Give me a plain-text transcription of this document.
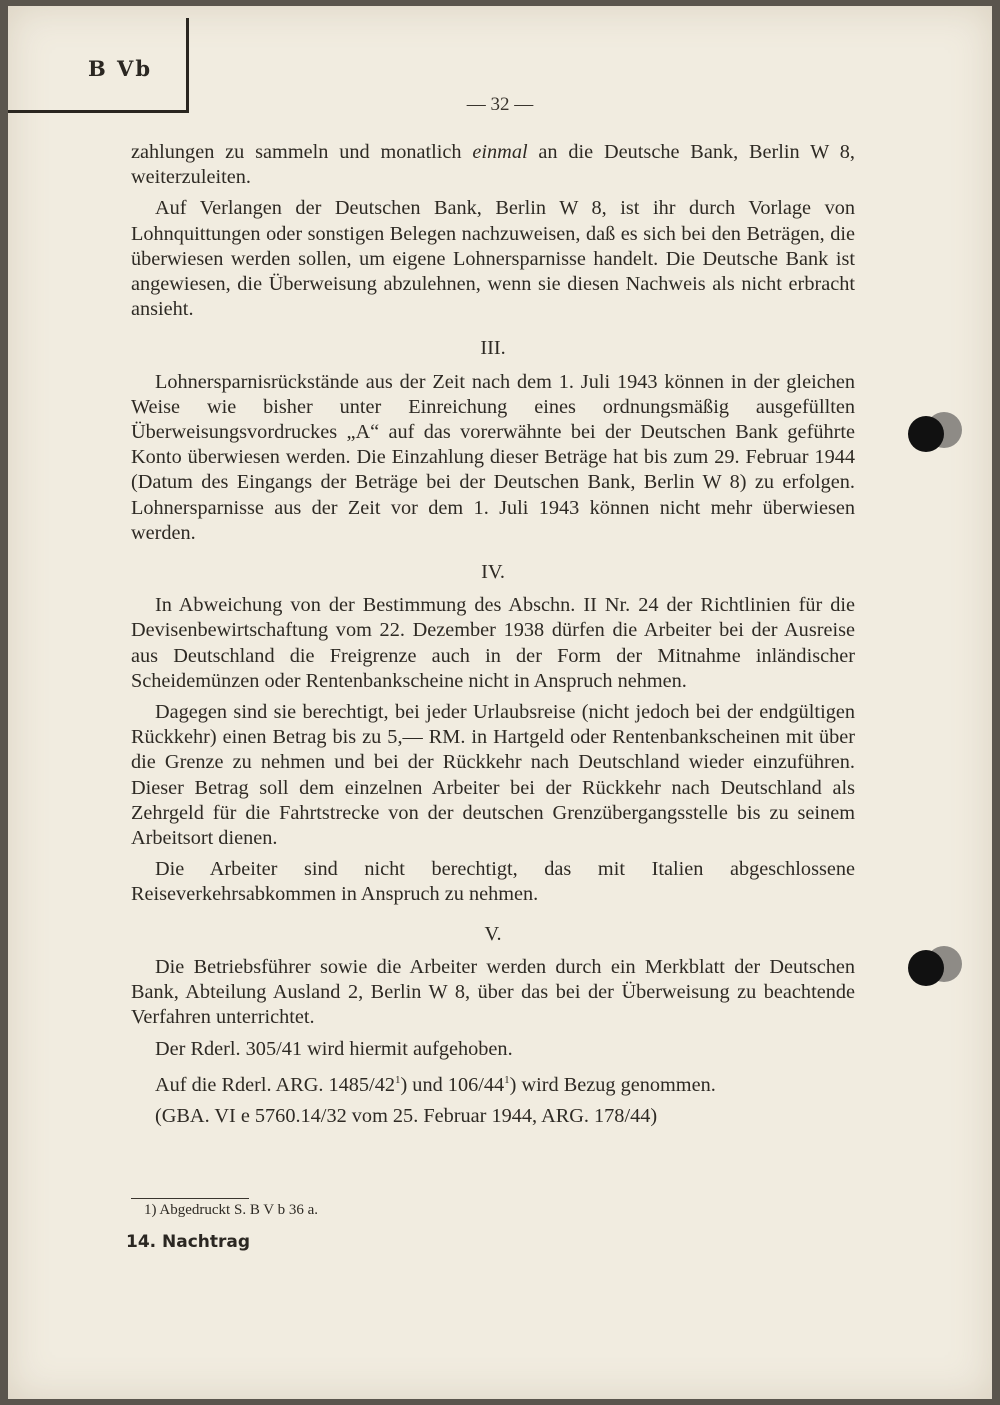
B Vb
— 32 —

zahlungen zu sammeln und monatlich einmal an die Deutsche Bank, Berlin W 8, weiterzuleiten.

Auf Verlangen der Deutschen Bank, Berlin W 8, ist ihr durch Vorlage von Lohnquittungen oder sonstigen Belegen nachzuweisen, daß es sich bei den Beträgen, die überwiesen werden sollen, um eigene Lohnersparnisse handelt. Die Deutsche Bank ist angewiesen, die Überweisung abzulehnen, wenn sie diesen Nachweis als nicht erbracht ansieht.

III.

Lohnersparnisrückstände aus der Zeit nach dem 1. Juli 1943 können in der gleichen Weise wie bisher unter Einreichung eines ordnungsmäßig ausgefüllten Überweisungsvordruckes „A“ auf das vorerwähnte bei der Deutschen Bank geführte Konto überwiesen werden. Die Einzahlung dieser Beträge hat bis zum 29. Februar 1944 (Datum des Eingangs der Beträge bei der Deutschen Bank, Berlin W 8) zu erfolgen. Lohnersparnisse aus der Zeit vor dem 1. Juli 1943 können nicht mehr überwiesen werden.

IV.

In Abweichung von der Bestimmung des Abschn. II Nr. 24 der Richtlinien für die Devisenbewirtschaftung vom 22. Dezember 1938 dürfen die Arbeiter bei der Ausreise aus Deutschland die Freigrenze auch in der Form der Mitnahme inländischer Scheidemünzen oder Rentenbankscheine nicht in Anspruch nehmen.

Dagegen sind sie berechtigt, bei jeder Urlaubsreise (nicht jedoch bei der endgültigen Rückkehr) einen Betrag bis zu 5,— RM. in Hartgeld oder Rentenbankscheinen mit über die Grenze zu nehmen und bei der Rückkehr nach Deutschland wieder einzuführen. Dieser Betrag soll dem einzelnen Arbeiter bei der Rückkehr nach Deutschland als Zehrgeld für die Fahrtstrecke von der deutschen Grenzübergangsstelle bis zu seinem Arbeitsort dienen.

Die Arbeiter sind nicht berechtigt, das mit Italien abgeschlossene Reiseverkehrsabkommen in Anspruch zu nehmen.

V.

Die Betriebsführer sowie die Arbeiter werden durch ein Merkblatt der Deutschen Bank, Abteilung Ausland 2, Berlin W 8, über das bei der Überweisung zu beachtende Verfahren unterrichtet.

Der Rderl. 305/41 wird hiermit aufgehoben.

Auf die Rderl. ARG. $1485/42^1$) und $106/44^1$) wird Bezug genommen.

(GBA. VI e 5760.14/32 vom 25. Februar 1944, ARG. 178/44)

1) Abgedruckt S. B V b 36 a.
14. Nachtrag
